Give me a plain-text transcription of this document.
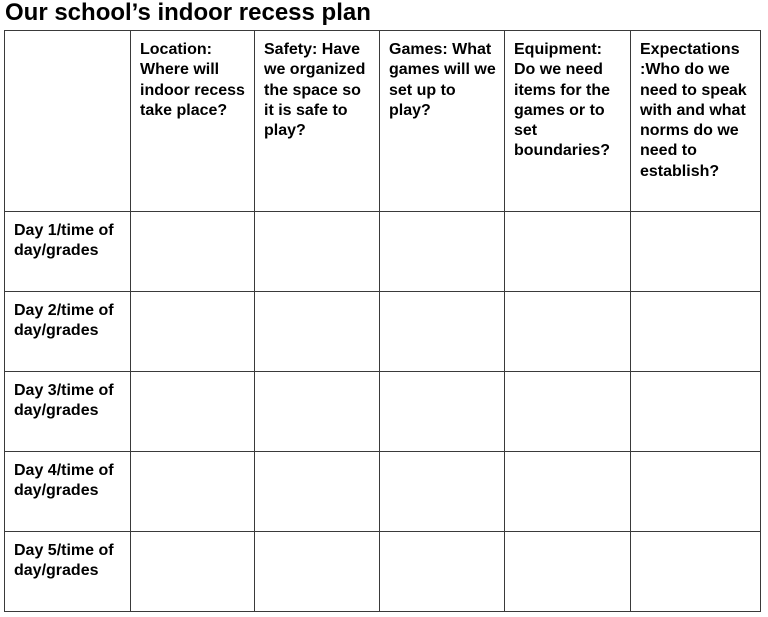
Our school’s indoor recess plan
	Location: Where will indoor recess take place?	Safety: Have we organized the space so it is safe to play?	Games: What games will we set up to play?	Equipment: Do we need items for the games or to set boundaries?	Expectations :Who do we need to speak with and what norms do we need to establish?
Day 1/time of day/grades					
Day 2/time of day/grades					
Day 3/time of day/grades					
Day 4/time of day/grades					
Day 5/time of day/grades					
